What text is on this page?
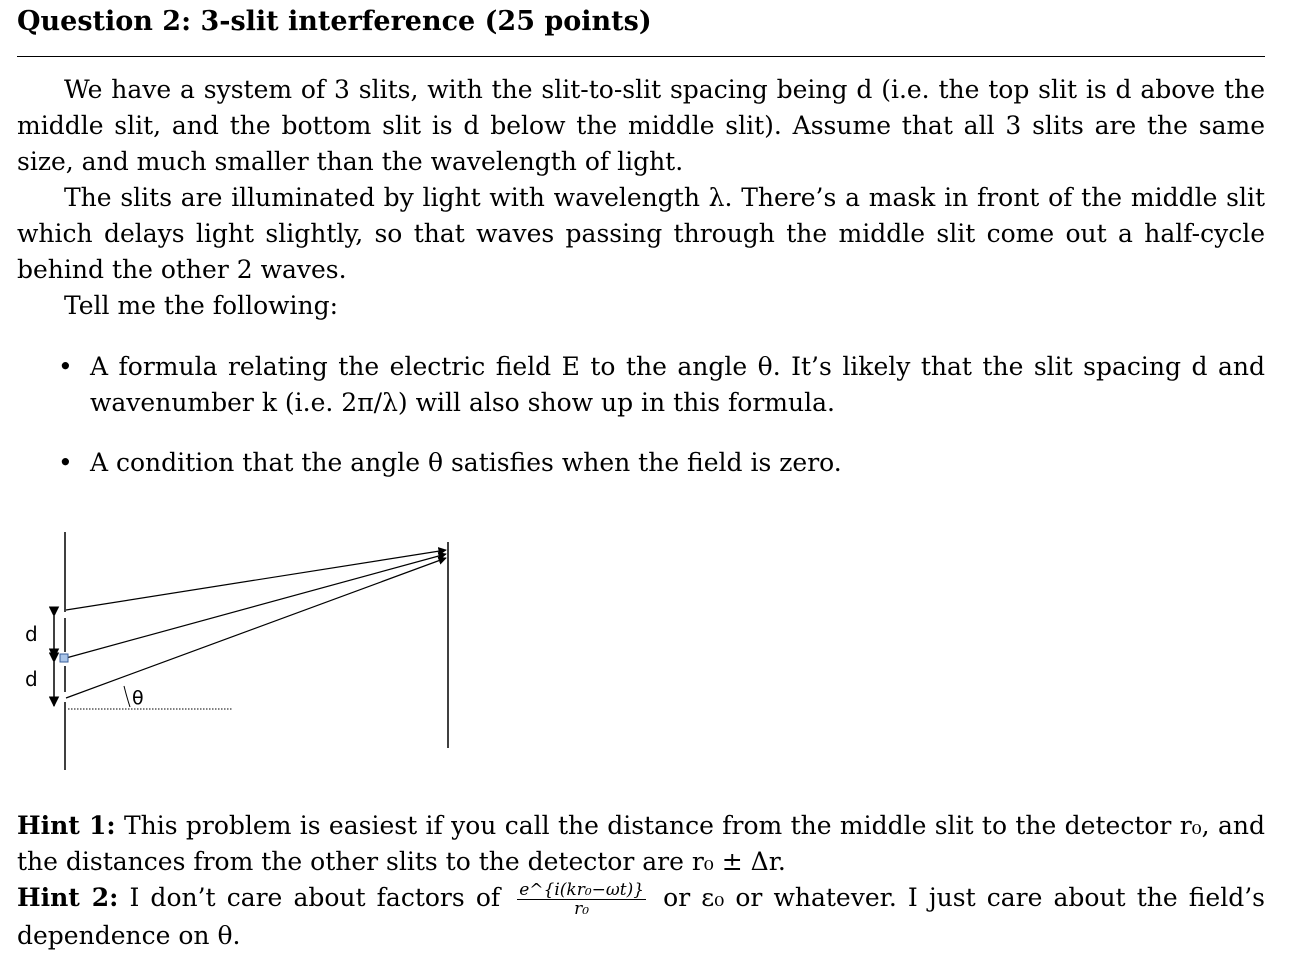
Question 2: 3-slit interference (25 points)
We have a system of 3 slits, with the slit-to-slit spacing being d (i.e. the top slit is d above the middle slit, and the bottom slit is d below the middle slit). Assume that all 3 slits are the same size, and much smaller than the wavelength of light.
The slits are illuminated by light with wavelength λ. There’s a mask in front of the middle slit which delays light slightly, so that waves passing through the middle slit come out a half-cycle behind the other 2 waves.
Tell me the following:
• A formula relating the electric field E to the angle θ. It’s likely that the slit spacing d and wavenumber k (i.e. 2π/λ) will also show up in this formula.
• A condition that the angle θ satisfies when the field is zero.
θ
d
d
Hint 1: This problem is easiest if you call the distance from the middle slit to the detector r₀, and the distances from the other slits to the detector are r₀ ± Δr.
Hint 2: I don’t care about factors of $\frac{\text{e\textasciicircum{}\{i(kr₀−ωt)\}}}{\text{r₀}}$ or ε₀ or whatever. I just care about the field’s dependence on θ.
